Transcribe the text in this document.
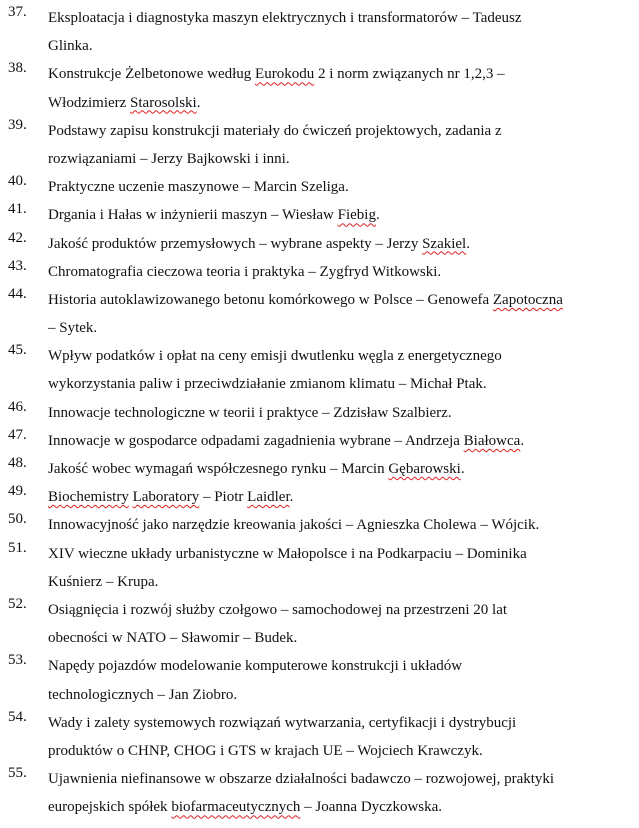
37.	Eksploatacja i diagnostyka maszyn elektrycznych i transformatorów – Tadeusz
Glinka.
38.	Konstrukcje Żelbetonowe według Eurokodu 2 i norm związanych nr 1,2,3 –
Włodzimierz Starosolski.
39.	Podstawy zapisu konstrukcji materiały do ćwiczeń projektowych, zadania z
rozwiązaniami – Jerzy Bajkowski i inni.
40.	Praktyczne uczenie maszynowe – Marcin Szeliga.
41.	Drgania i Hałas w inżynierii maszyn – Wiesław Fiebig.
42.	Jakość produktów przemysłowych – wybrane aspekty – Jerzy Szakiel.
43.	Chromatografia cieczowa teoria i praktyka – Zygfryd Witkowski.
44.	Historia autoklawizowanego betonu komórkowego w Polsce – Genowefa Zapotoczna
– Sytek.
45.	Wpływ podatków i opłat na ceny emisji dwutlenku węgla z energetycznego
wykorzystania paliw i przeciwdziałanie zmianom klimatu – Michał Ptak.
46.	Innowacje technologiczne w teorii i praktyce – Zdzisław Szalbierz.
47.	Innowacje w gospodarce odpadami zagadnienia wybrane – Andrzeja Białowca.
48.	Jakość wobec wymagań współczesnego rynku – Marcin Gębarowski.
49.	Biochemistry Laboratory – Piotr Laidler.
50.	Innowacyjność jako narzędzie kreowania jakości – Agnieszka Cholewa – Wójcik.
51.	XIV wieczne układy urbanistyczne w Małopolsce i na Podkarpaciu – Dominika
Kuśnierz – Krupa.
52.	Osiągnięcia i rozwój służby czołgowo – samochodowej na przestrzeni 20 lat
obecności w NATO – Sławomir – Budek.
53.	Napędy pojazdów modelowanie komputerowe konstrukcji i układów
technologicznych – Jan Ziobro.
54.	Wady i zalety systemowych rozwiązań wytwarzania, certyfikacji i dystrybucji
produktów o CHNP, CHOG i GTS w krajach UE – Wojciech Krawczyk.
55.	Ujawnienia niefinansowe w obszarze działalności badawczo – rozwojowej, praktyki
europejskich spółek biofarmaceutycznych – Joanna Dyczkowska.
